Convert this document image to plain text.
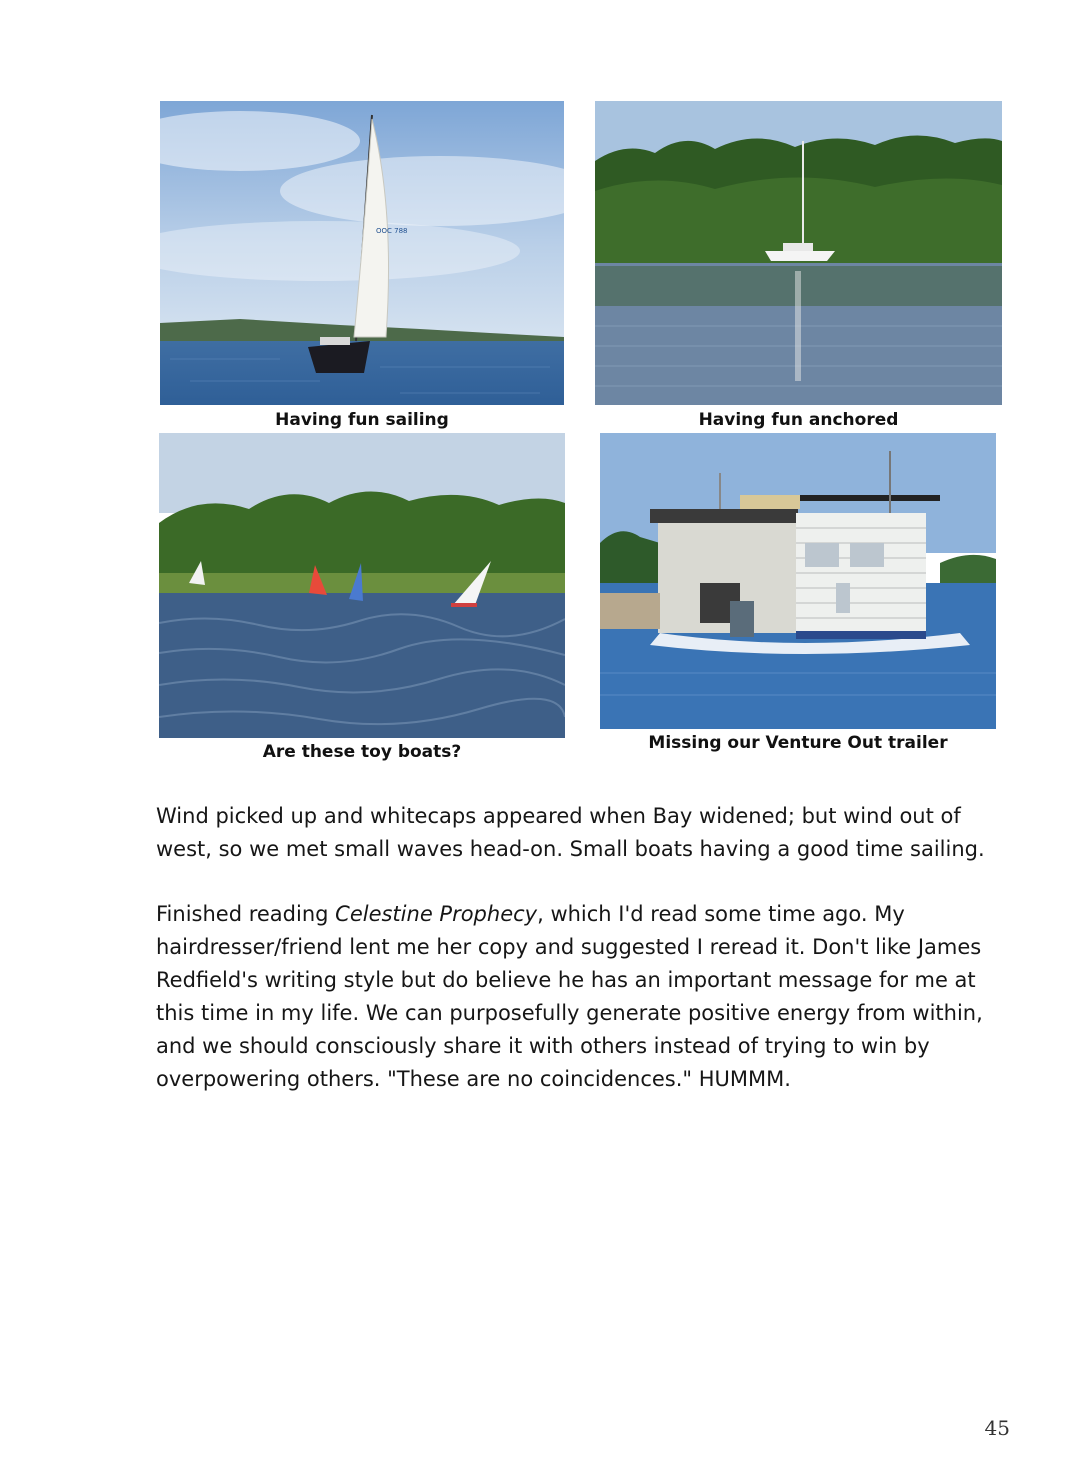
OOC 788
Having fun sailing	Having fun anchored
Are these toy boats?	Missing our Venture Out trailer

Wind picked up and whitecaps appeared when Bay widened; but wind out of west, so we met small waves head-on. Small boats having a good time sailing.

Finished reading Celestine Prophecy, which I'd read some time ago. My hairdresser/friend lent me her copy and suggested I reread it. Don't like James Redfield's writing style but do believe he has an important message for me at this time in my life. We can purposefully generate positive energy from within, and we should consciously share it with others instead of trying to win by overpowering others. "These are no coincidences." HUMMM.

45
